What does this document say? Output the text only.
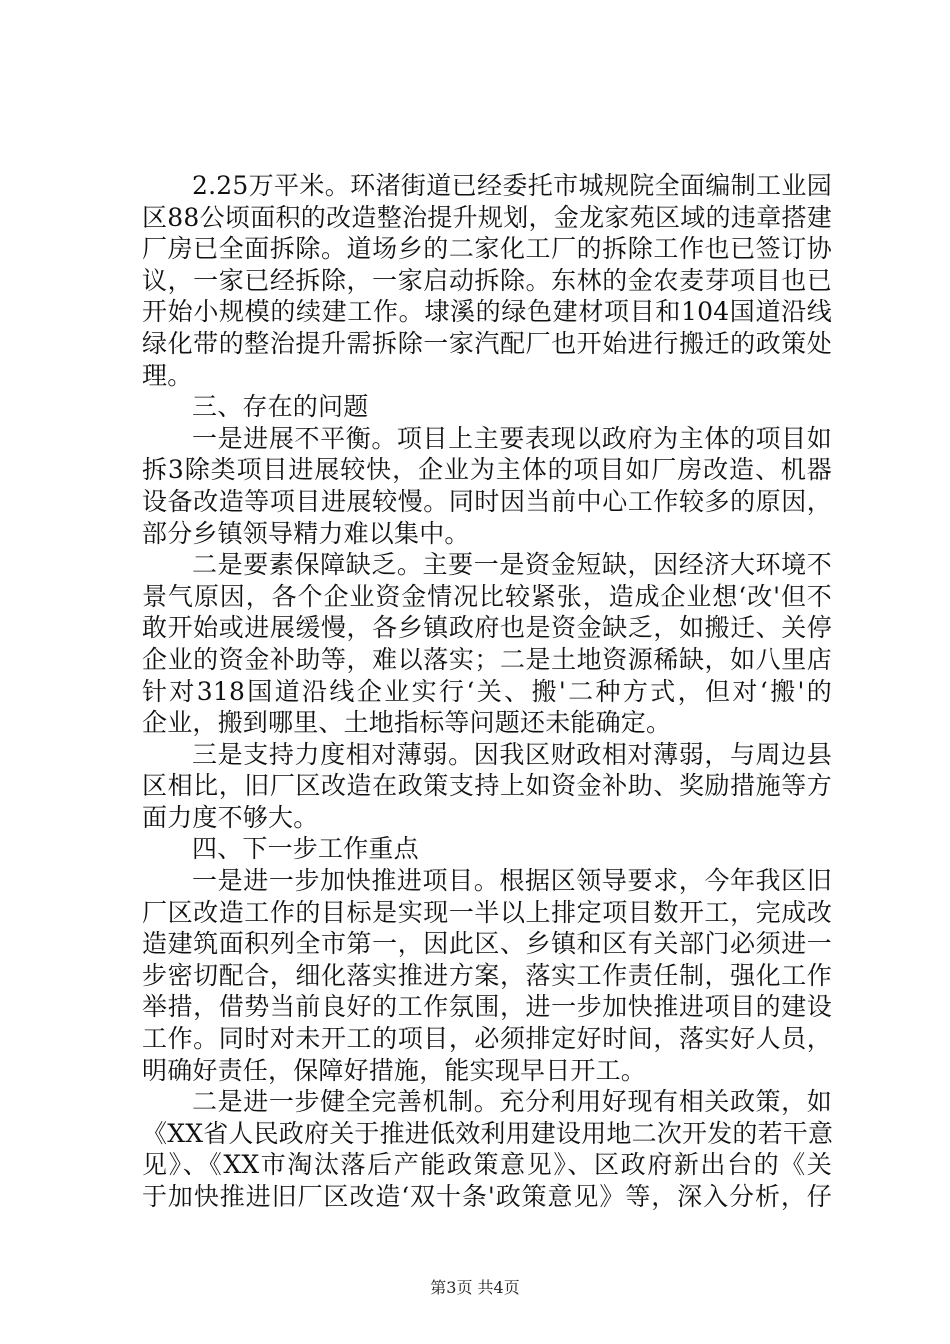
2.25万平米。环渚街道已经委托市城规院全面编制工业园
区88公顷面积的改造整治提升规划，金龙家苑区域的违章搭建
厂房已全面拆除。道场乡的二家化工厂的拆除工作也已签订协
议，一家已经拆除，一家启动拆除。东林的金农麦芽项目也已
开始小规模的续建工作。埭溪的绿色建材项目和104国道沿线
绿化带的整治提升需拆除一家汽配厂也开始进行搬迁的政策处
理。
三、存在的问题
一是进展不平衡。项目上主要表现以政府为主体的项目如
拆3除类项目进展较快，企业为主体的项目如厂房改造、机器
设备改造等项目进展较慢。同时因当前中心工作较多的原因，
部分乡镇领导精力难以集中。
二是要素保障缺乏。主要一是资金短缺，因经济大环境不
景气原因，各个企业资金情况比较紧张，造成企业想‘改'但不
敢开始或进展缓慢，各乡镇政府也是资金缺乏，如搬迁、关停
企业的资金补助等，难以落实；二是土地资源稀缺，如八里店
针对318国道沿线企业实行‘关、搬'二种方式，但对‘搬'的
企业，搬到哪里、土地指标等问题还未能确定。
三是支持力度相对薄弱。因我区财政相对薄弱，与周边县
区相比，旧厂区改造在政策支持上如资金补助、奖励措施等方
面力度不够大。
四、下一步工作重点
一是进一步加快推进项目。根据区领导要求，今年我区旧
厂区改造工作的目标是实现一半以上排定项目数开工，完成改
造建筑面积列全市第一，因此区、乡镇和区有关部门必须进一
步密切配合，细化落实推进方案，落实工作责任制，强化工作
举措，借势当前良好的工作氛围，进一步加快推进项目的建设
工作。同时对未开工的项目，必须排定好时间，落实好人员，
明确好责任，保障好措施，能实现早日开工。
二是进一步健全完善机制。充分利用好现有相关政策，如
《XX省人民政府关于推进低效利用建设用地二次开发的若干意
见》、《XX市淘汰落后产能政策意见》、区政府新出台的《关
于加快推进旧厂区改造‘双十条'政策意见》等，深入分析，仔
第3页 共4页
